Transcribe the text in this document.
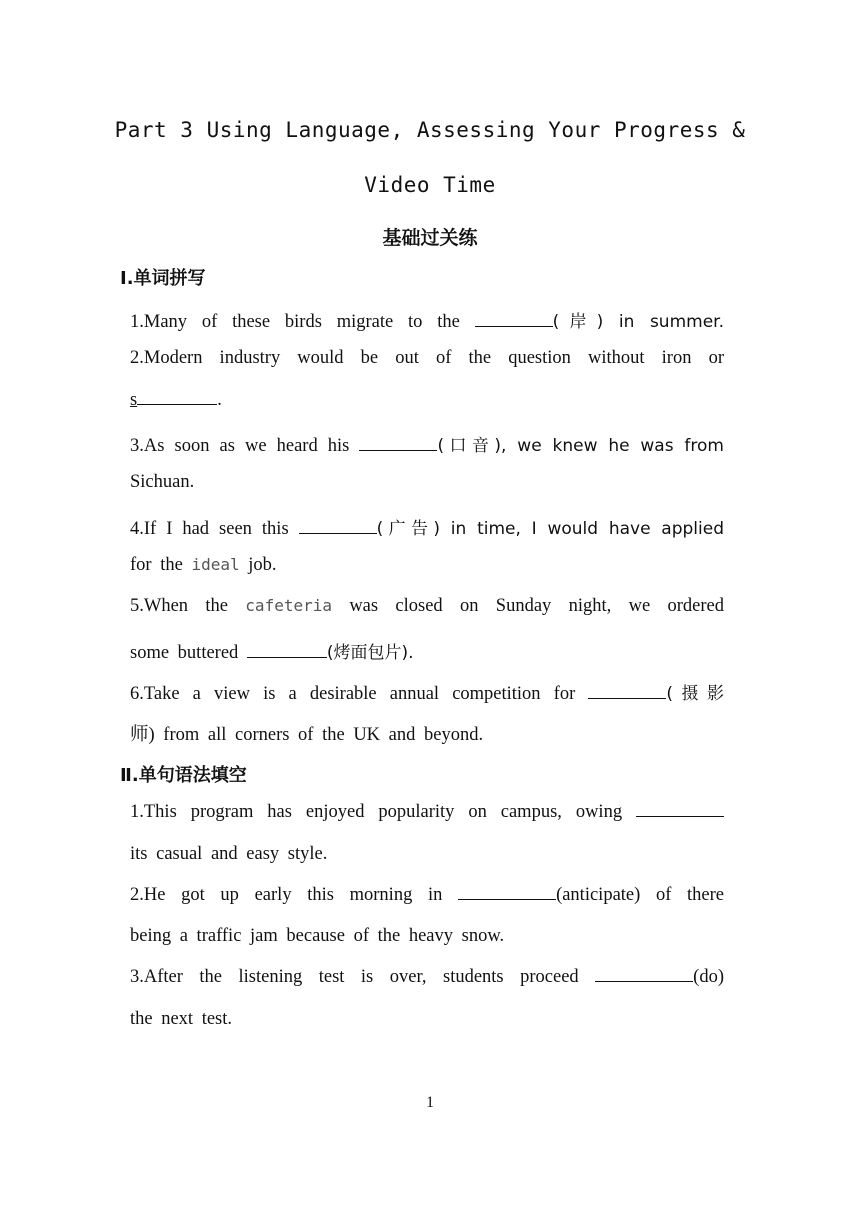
Part 3 Using Language, Assessing Your Progress &
Video Time
基础过关练
Ⅰ.单词拼写
1.Many of these birds migrate to the	(岸) in summer.
2.Modern industry would be out of the question without iron or
s	.
3.As soon as we heard his	(口音), we knew he was from
Sichuan.
4.If I had seen this	(广告) in time, I would have applied
for the ideal job.
5.When the cafeteria was closed on Sunday night, we ordered
some buttered	(烤面包片).
6.Take a view is a desirable annual competition for	(摄影
师) from all corners of the UK and beyond.
Ⅱ.单句语法填空
1.This program has enjoyed popularity on campus, owing
its casual and easy style.
2.He got up early this morning in	(anticipate) of there
being a traffic jam because of the heavy snow.
3.After the listening test is over, students proceed	(do)
the next test.
1
